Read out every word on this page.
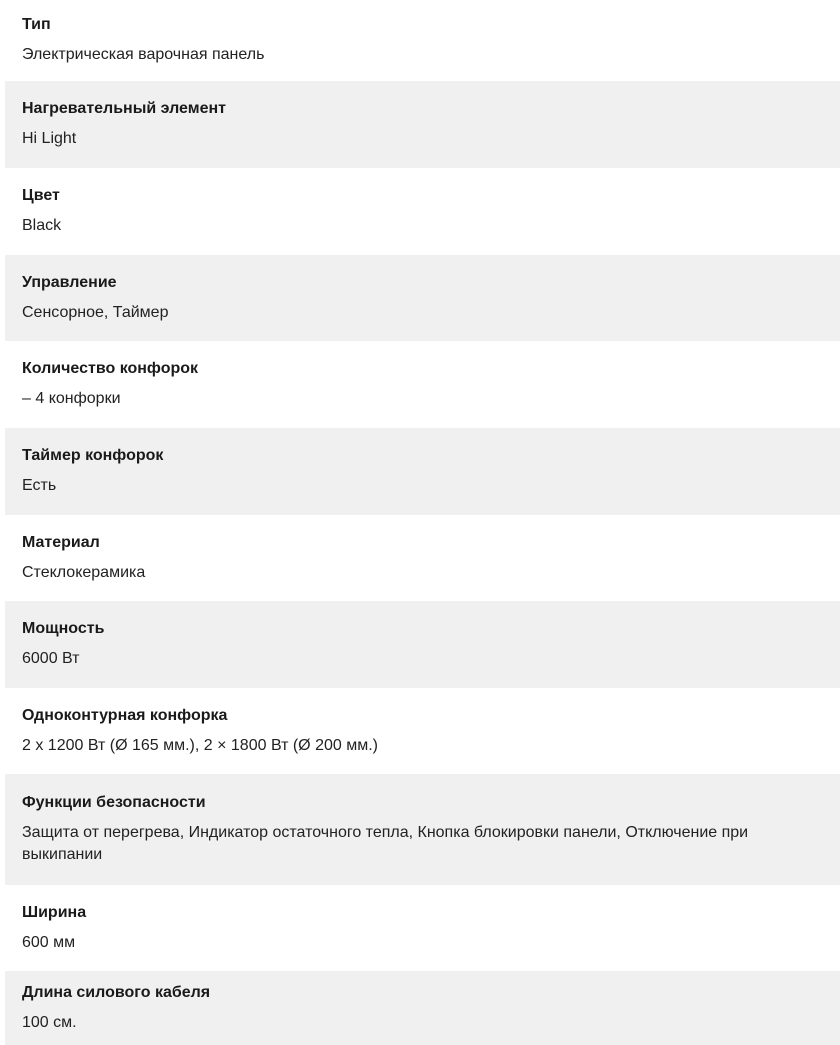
Тип
Электрическая варочная панель
Нагревательный элемент
Hi Light
Цвет
Black
Управление
Сенсорное, Таймер
Количество конфорок
– 4 конфорки
Таймер конфорок
Есть
Материал
Стеклокерамика
Мощность
6000 Вт
Одноконтурная конфорка
2 х 1200 Вт (Ø 165 мм.), 2 × 1800 Вт (Ø 200 мм.)
Функции безопасности
Защита от перегрева, Индикатор остаточного тепла, Кнопка блокировки панели, Отключение при выкипании
Ширина
600 мм
Длина силового кабеля
100 см.
